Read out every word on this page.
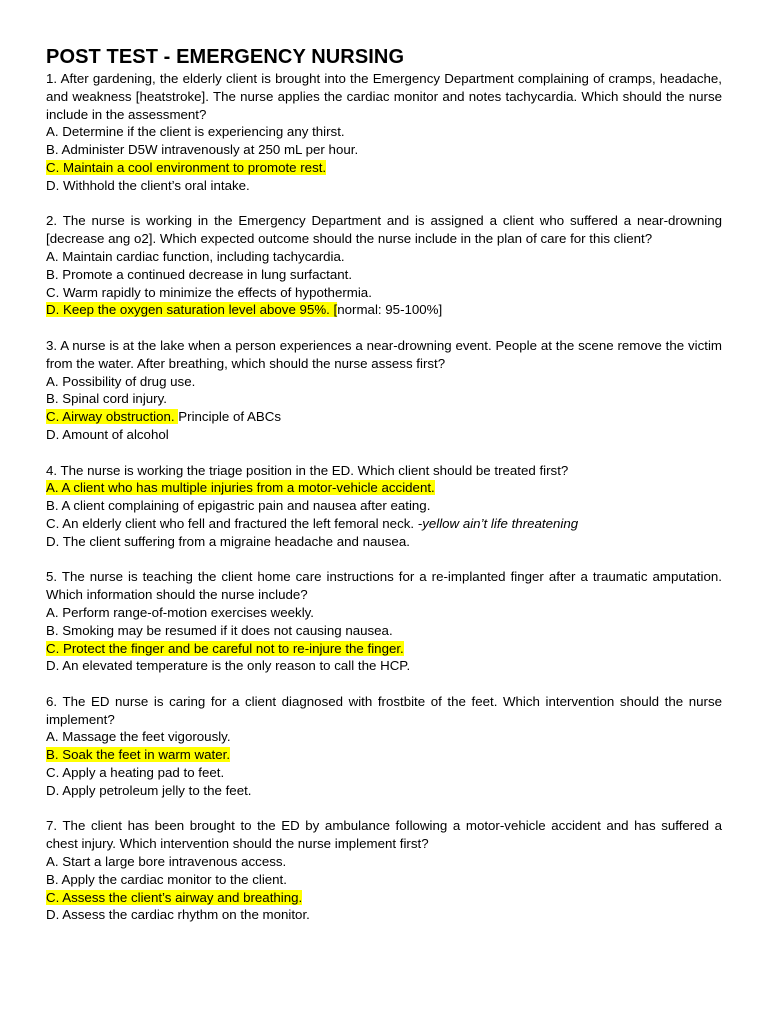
POST TEST - EMERGENCY NURSING

1. After gardening, the elderly client is brought into the Emergency Department complaining of cramps, headache, and weakness [heatstroke]. The nurse applies the cardiac monitor and notes tachycardia. Which should the nurse include in the assessment?

A. Determine if the client is experiencing any thirst.

B. Administer D5W intravenously at 250 mL per hour.

C. Maintain a cool environment to promote rest.

D. Withhold the client’s oral intake.

2. The nurse is working in the Emergency Department and is assigned a client who suffered a near-drowning [decrease ang o2]. Which expected outcome should the nurse include in the plan of care for this client?

A. Maintain cardiac function, including tachycardia.

B. Promote a continued decrease in lung surfactant.

C. Warm rapidly to minimize the effects of hypothermia.

D. Keep the oxygen saturation level above 95%. [normal: 95-100%]

3. A nurse is at the lake when a person experiences a near-drowning event. People at the scene remove the victim from the water. After breathing, which should the nurse assess first?

A. Possibility of drug use.

B. Spinal cord injury.

C. Airway obstruction. Principle of ABCs

D. Amount of alcohol

4. The nurse is working the triage position in the ED. Which client should be treated first?

A. A client who has multiple injuries from a motor-vehicle accident.

B. A client complaining of epigastric pain and nausea after eating.

C. An elderly client who fell and fractured the left femoral neck. -yellow ain’t life threatening

D. The client suffering from a migraine headache and nausea.

5. The nurse is teaching the client home care instructions for a re-implanted finger after a traumatic amputation. Which information should the nurse include?

A. Perform range-of-motion exercises weekly.

B. Smoking may be resumed if it does not causing nausea.

C. Protect the finger and be careful not to re-injure the finger.

D. An elevated temperature is the only reason to call the HCP.

6. The ED nurse is caring for a client diagnosed with frostbite of the feet. Which intervention should the nurse implement?

A. Massage the feet vigorously.

B. Soak the feet in warm water.

C. Apply a heating pad to feet.

D. Apply petroleum jelly to the feet.

7. The client has been brought to the ED by ambulance following a motor-vehicle accident and has suffered a chest injury. Which intervention should the nurse implement first?

A. Start a large bore intravenous access.

B. Apply the cardiac monitor to the client.

C. Assess the client’s airway and breathing.

D. Assess the cardiac rhythm on the monitor.
